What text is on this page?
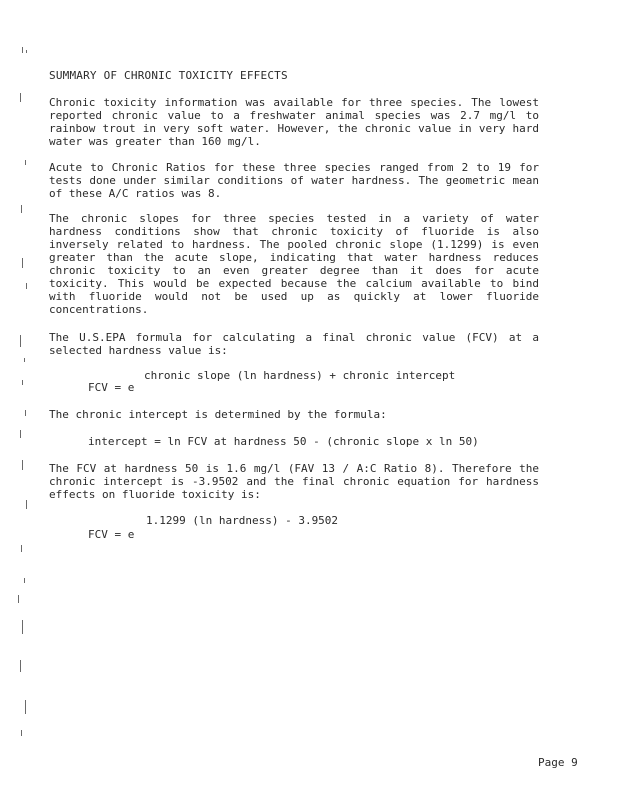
SUMMARY OF CHRONIC TOXICITY EFFECTS

Chronic toxicity information was available for three species. The lowest reported chronic value to a freshwater animal species was 2.7 mg/l to rainbow trout in very soft water. However, the chronic value in very hard water was greater than 160 mg/l.

Acute to Chronic Ratios for these three species ranged from 2 to 19 for tests done under similar conditions of water hardness. The geometric mean of these A/C ratios was 8.

The chronic slopes for three species tested in a variety of water hardness conditions show that chronic toxicity of fluoride is also inversely related to hardness. The pooled chronic slope (1.1299) is even greater than the acute slope, indicating that water hardness reduces chronic toxicity to an even greater degree than it does for acute toxicity. This would be expected because the calcium available to bind with fluoride would not be used up as quickly at lower fluoride concentrations.

The U.S.EPA formula for calculating a final chronic value (FCV) at a selected hardness value is:

chronic slope (ln hardness) + chronic intercept
FCV = e

The chronic intercept is determined by the formula:

intercept = ln FCV at hardness 50 - (chronic slope x ln 50)

The FCV at hardness 50 is 1.6 mg/l (FAV 13 / A:C Ratio 8). Therefore the chronic intercept is -3.9502 and the final chronic equation for hardness effects on fluoride toxicity is:

1.1299 (ln hardness) - 3.9502
FCV = e
Page 9
